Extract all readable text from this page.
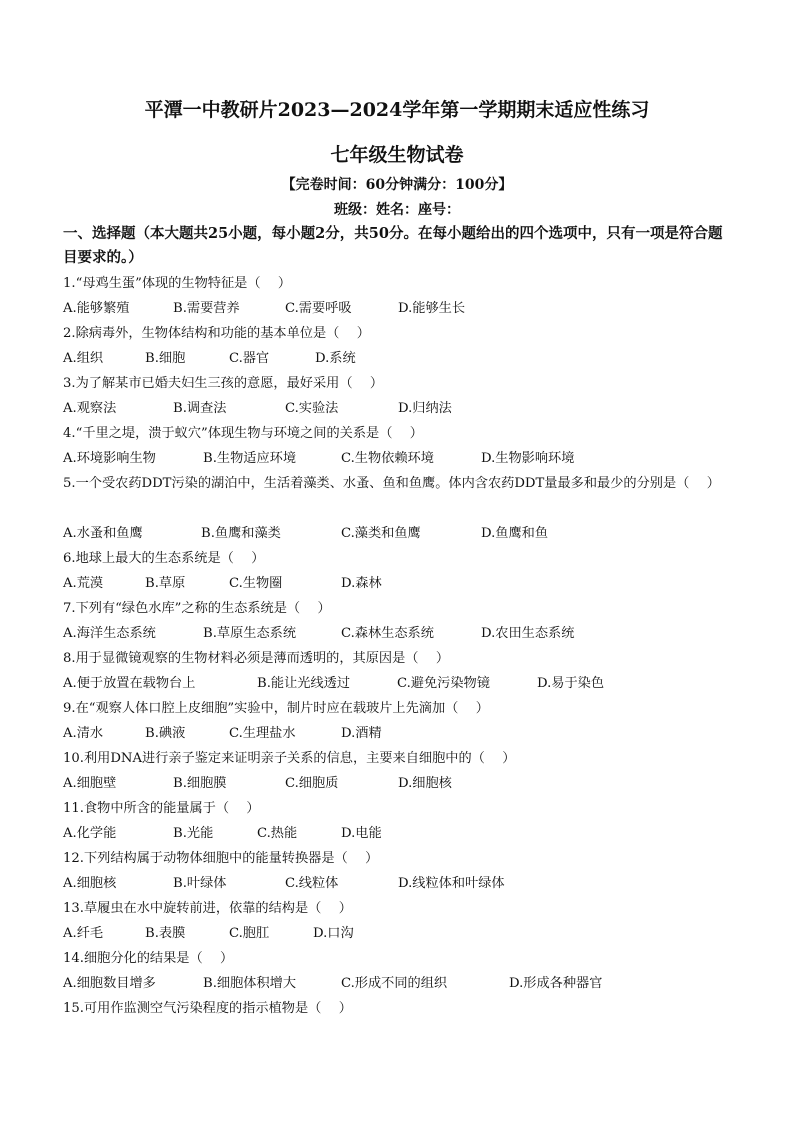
平潭一中教研片2023—2024学年第一学期期末适应性练习
七年级生物试卷
【完卷时间：60分钟满分：100分】
班级：姓名：座号：
一、选择题（本大题共25小题，每小题2分，共50分。在每小题给出的四个选项中，只有一项是符合题目要求的。）
1.“母鸡生蛋”体现的生物特征是（　 ）
A.能够繁殖	B.需要营养	C.需要呼吸	D.能够生长
2.除病毒外，生物体结构和功能的基本单位是（　 ）
A.组织	B.细胞	C.器官	D.系统
3.为了解某市已婚夫妇生三孩的意愿，最好采用（　 ）
A.观察法	B.调查法	C.实验法	D.归纳法
4.“千里之堤，溃于蚁穴”体现生物与环境之间的关系是（　 ）
A.环境影响生物	B.生物适应环境	C.生物依赖环境	D.生物影响环境
5.一个受农药DDT污染的湖泊中，生活着藻类、水蚤、鱼和鱼鹰。体内含农药DDT量最多和最少的分别是（　 ）
A.水蚤和鱼鹰	B.鱼鹰和藻类	C.藻类和鱼鹰	D.鱼鹰和鱼
6.地球上最大的生态系统是（　 ）
A.荒漠	B.草原	C.生物圈	D.森林
7.下列有“绿色水库”之称的生态系统是（　 ）
A.海洋生态系统	B.草原生态系统	C.森林生态系统	D.农田生态系统
8.用于显微镜观察的生物材料必须是薄而透明的，其原因是（　 ）
A.便于放置在载物台上	B.能让光线透过	C.避免污染物镜	D.易于染色
9.在“观察人体口腔上皮细胞”实验中，制片时应在载玻片上先滴加（　 ）
A.清水	B.碘液	C.生理盐水	D.酒精
10.利用DNA进行亲子鉴定来证明亲子关系的信息，主要来自细胞中的（　 ）
A.细胞壁	B.细胞膜	C.细胞质	D.细胞核
11.食物中所含的能量属于（　 ）
A.化学能	B.光能	C.热能	D.电能
12.下列结构属于动物体细胞中的能量转换器是（　 ）
A.细胞核	B.叶绿体	C.线粒体	D.线粒体和叶绿体
13.草履虫在水中旋转前进，依靠的结构是（　 ）
A.纤毛	B.表膜	C.胞肛	D.口沟
14.细胞分化的结果是（　 ）
A.细胞数目增多	B.细胞体积增大	C.形成不同的组织	D.形成各种器官
15.可用作监测空气污染程度的指示植物是（　 ）
